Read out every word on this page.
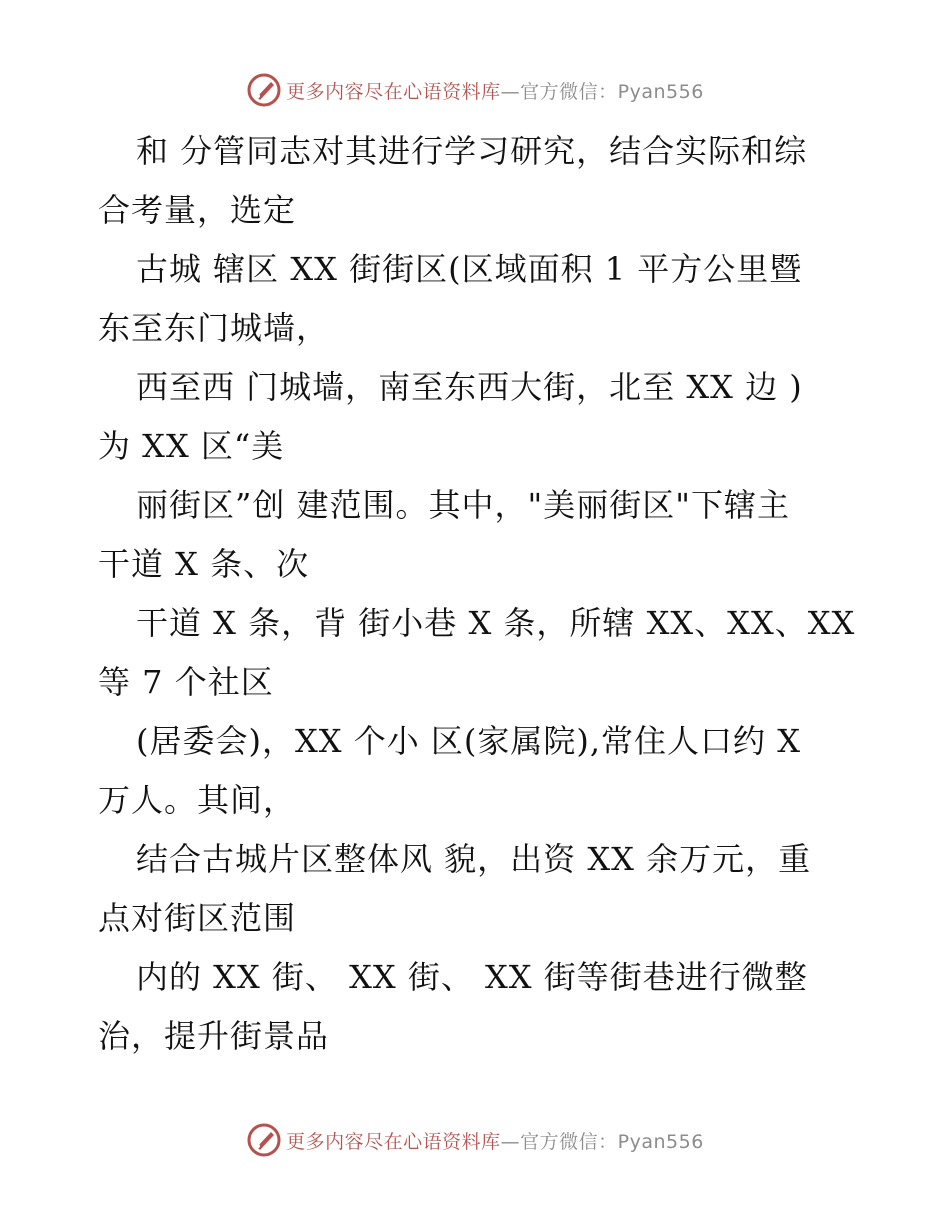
更多内容尽在心语资料库—官方微信：Pyan556

和 分管同志对其进行学习研究，结合实际和综
合考量，选定

古城 辖区 XX 街街区(区域面积 1 平方公里暨
东至东门城墙，

西至西 门城墙，南至东西大街，北至 XX 边 )
为 XX 区“美

丽街区”创 建范围。其中，"美丽街区"下辖主
干道 X 条、次

干道 X 条，背 街小巷 X 条，所辖 XX、XX、XX
等 7 个社区

(居委会)，XX 个小 区(家属院),常住人口约 X
万人。其间，

结合古城片区整体风 貌，出资 XX 余万元，重
点对街区范围

内的 XX 街、 XX 街、 XX 街等街巷进行微整
治，提升街景品

更多内容尽在心语资料库—官方微信：Pyan556
